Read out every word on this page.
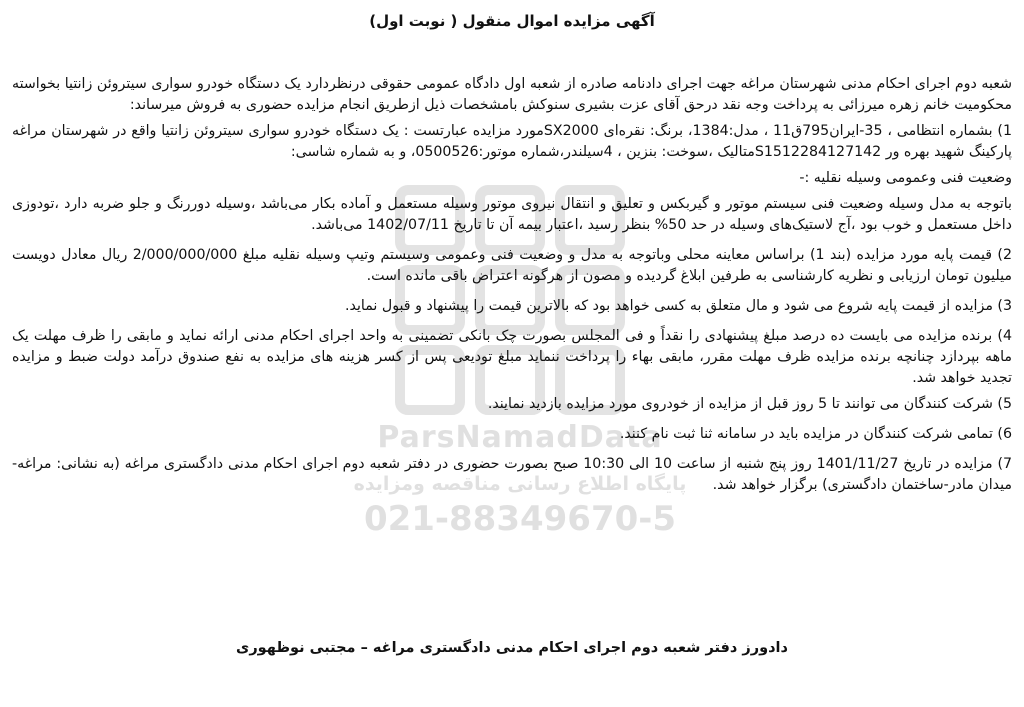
ParsNamadData
پایگاه اطلاع رسانی مناقصه ومزایده
021-88349670-5
آگهی مزایده اموال منقول ( نوبت اول)

شعبه دوم اجرای احکام مدنی شهرستان مراغه جهت اجرای دادنامه صادره از شعبه اول دادگاه عمومی حقوقی درنظردارد یک دستگاه خودرو سواری سیتروئن زانتیا بخواسته محکومیت خانم زهره میرزائی به پرداخت وجه نقد درحق آقای عزت بشیری سنوکش بامشخصات ذیل ازطریق انجام مزایده حضوری به فروش میرساند:

1) بشماره انتظامی ، 35-ایران795ق11 ، مدل:1384، برنگ: نقره‌ای SX2000مورد مزایده عبارتست : یک دستگاه خودرو سواری سیتروئن زانتیا واقع در شهرستان مراغه پارکینگ شهید بهره ور S1512284127142متالیک ،سوخت: بنزین ، 4سیلندر،شماره موتور:0500526، و به شماره شاسی:

وضعیت فنی وعمومی وسیله نقلیه :-

باتوجه به مدل وسیله وضعیت فنی سیستم موتور و گیربکس و تعلیق و انتقال نیروی موتور وسیله مستعمل و آماده بکار می‌باشد ،وسیله دوررنگ و جلو ضربه دارد ،تودوزی داخل مستعمل و خوب بود ،آج لاستیک‌های وسیله در حد 50% بنظر رسید ،اعتبار بیمه آن تا تاریخ 1402/07/11 می‌باشد.

2) قیمت پایه مورد مزایده (بند 1) براساس معاینه محلی وباتوجه به مدل و وضعیت فنی وعمومی وسیستم وتیپ وسیله نقلیه مبلغ 2/000/000/000 ریال معادل دویست میلیون تومان ارزیابی و نظریه کارشناسی به طرفین ابلاغ گردیده و مصون از هرگونه اعتراض باقی مانده است.

3) مزایده از قیمت پایه شروع می شود و مال متعلق به کسی خواهد بود که بالاترین قیمت را پیشنهاد و قبول نماید.

4) برنده مزایده می بایست ده درصد مبلغ پیشنهادی را نقداً و فی المجلس بصورت چک بانکی تضمینی به واحد اجرای احکام مدنی ارائه نماید و مابقی را ظرف مهلت یک ماهه بپردازد چنانچه برنده مزایده ظرف مهلت مقرر، مابقی بهاء را پرداخت ننماید مبلغ تودیعی پس از کسر هزینه های مزایده به نفع صندوق درآمد دولت ضبط و مزایده تجدید خواهد شد.

5) شرکت کنندگان می توانند تا 5 روز قبل از مزایده از خودروی مورد مزایده بازدید نمایند.

6) تمامی شرکت کنندگان در مزایده باید در سامانه ثنا ثبت نام کنند.

7) مزایده در تاریخ 1401/11/27 روز پنج شنبه از ساعت 10 الی 10:30 صبح بصورت حضوری در دفتر شعبه دوم اجرای احکام مدنی دادگستری مراغه (به نشانی: مراغه-میدان مادر-ساختمان دادگستری) برگزار خواهد شد.

دادورز دفتر شعبه دوم اجرای احکام مدنی دادگستری مراغه – مجتبی نوظهوری
